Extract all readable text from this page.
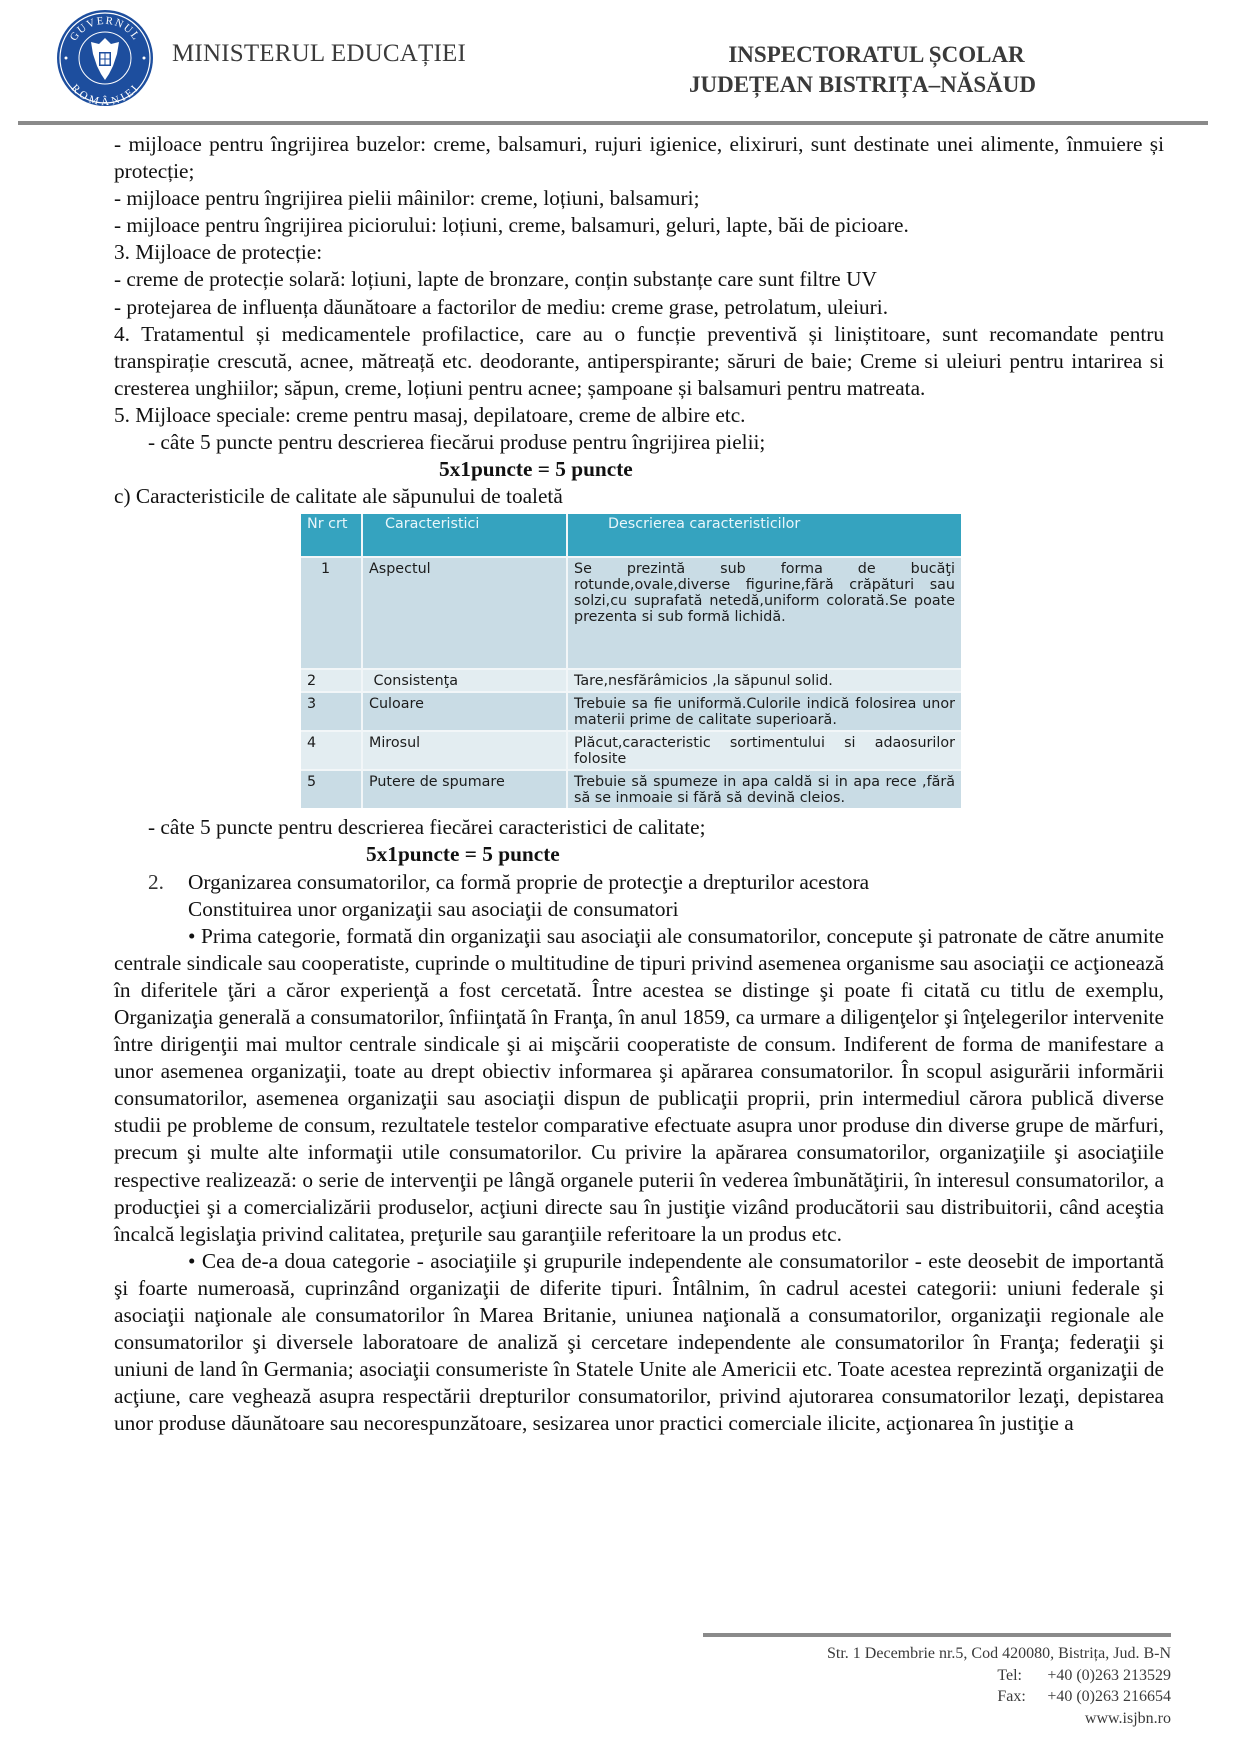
GUVERNUL
ROMÂNIEI
MINISTERUL EDUCAȚIEI	INSPECTORATUL ȘCOLAR
JUDEȚEAN BISTRIȚA–NĂSĂUD

- mijloace pentru îngrijirea buzelor: creme, balsamuri, rujuri igienice, elixiruri, sunt destinate unei alimente, înmuiere și protecție;

- mijloace pentru îngrijirea pielii mâinilor: creme, loțiuni, balsamuri;

- mijloace pentru îngrijirea piciorului: loțiuni, creme, balsamuri, geluri, lapte, băi de picioare.

3. Mijloace de protecție:

- creme de protecție solară: loțiuni, lapte de bronzare, conțin substanțe care sunt filtre UV

- protejarea de influența dăunătoare a factorilor de mediu: creme grase, petrolatum, uleiuri.

4. Tratamentul și medicamentele profilactice, care au o funcție preventivă și liniștitoare, sunt recomandate pentru transpirație crescută, acnee, mătreață etc. deodorante, antiperspirante; săruri de baie; Creme si uleiuri pentru intarirea si cresterea unghiilor; săpun, creme, loțiuni pentru acnee; șampoane și balsamuri pentru matreata.

5. Mijloace speciale: creme pentru masaj, depilatoare, creme de albire etc.

- câte 5 puncte pentru descrierea fiecărui produse pentru îngrijirea pielii;

5x1puncte = 5 puncte

c) Caracteristicile de calitate ale săpunului de toaletă

Nr crt	Caracteristici	Descrierea caracteristicilor
1	Aspectul	Se prezintă sub forma de bucăţi rotunde,ovale,diverse figurine,fără crăpături sau solzi,cu suprafată netedă,uniform colorată.Se poate prezenta si sub formă lichidă.
2	Consistenţa	Tare,nesfărâmicios ,la săpunul solid.
3	Culoare	Trebuie sa fie uniformă.Culorile indică folosirea unor materii prime de calitate superioară.
4	Mirosul	Plăcut,caracteristic sortimentului si adaosurilor folosite
5	Putere de spumare	Trebuie să spumeze in apa caldă si in apa rece ,fără să se inmoaie si fără să devină cleios.

- câte 5 puncte pentru descrierea fiecărei caracteristici de calitate;

5x1puncte = 5 puncte

2. Organizarea consumatorilor, ca formă proprie de protecţie a drepturilor acestora

Constituirea unor organizaţii sau asociaţii de consumatori

• Prima categorie, formată din organizaţii sau asociaţii ale consumatorilor, concepute şi patronate de către anumite centrale sindicale sau cooperatiste, cuprinde o multitudine de tipuri privind asemenea organisme sau asociaţii ce acţionează în diferitele ţări a căror experienţă a fost cercetată. Între acestea se distinge şi poate fi citată cu titlu de exemplu, Organizaţia generală a consumatorilor, înfiinţată în Franţa, în anul 1859, ca urmare a diligenţelor şi înţelegerilor intervenite între dirigenţii mai multor centrale sindicale şi ai mişcării cooperatiste de consum. Indiferent de forma de manifestare a unor asemenea organizaţii, toate au drept obiectiv informarea şi apărarea consumatorilor. În scopul asigurării informării consumatorilor, asemenea organizaţii sau asociaţii dispun de publicaţii proprii, prin intermediul cărora publică diverse studii pe probleme de consum, rezultatele testelor comparative efectuate asupra unor produse din diverse grupe de mărfuri, precum şi multe alte informaţii utile consumatorilor. Cu privire la apărarea consumatorilor, organizaţiile şi asociaţiile respective realizează: o serie de intervenţii pe lângă organele puterii în vederea îmbunătăţirii, în interesul consumatorilor, a producţiei şi a comercializării produselor, acţiuni directe sau în justiţie vizând producătorii sau distribuitorii, când aceştia încalcă legislaţia privind calitatea, preţurile sau garanţiile referitoare la un produs etc.

• Cea de-a doua categorie - asociaţiile şi grupurile independente ale consumatorilor - este deosebit de importantă şi foarte numeroasă, cuprinzând organizaţii de diferite tipuri. Întâlnim, în cadrul acestei categorii: uniuni federale şi asociaţii naţionale ale consumatorilor în Marea Britanie, uniunea naţională a consumatorilor, organizaţii regionale ale consumatorilor şi diversele laboratoare de analiză şi cercetare independente ale consumatorilor în Franţa; federaţii şi uniuni de land în Germania; asociaţii consumeriste în Statele Unite ale Americii etc. Toate acestea reprezintă organizaţii de acţiune, care veghează asupra respectării drepturilor consumatorilor, privind ajutorarea consumatorilor lezaţi, depistarea unor produse dăunătoare sau necorespunzătoare, sesizarea unor practici comerciale ilicite, acţionarea în justiţie a

Str. 1 Decembrie nr.5, Cod 420080, Bistrița, Jud. B-N
Tel: +40 (0)263 213529
Fax: +40 (0)263 216654
www.isjbn.ro
